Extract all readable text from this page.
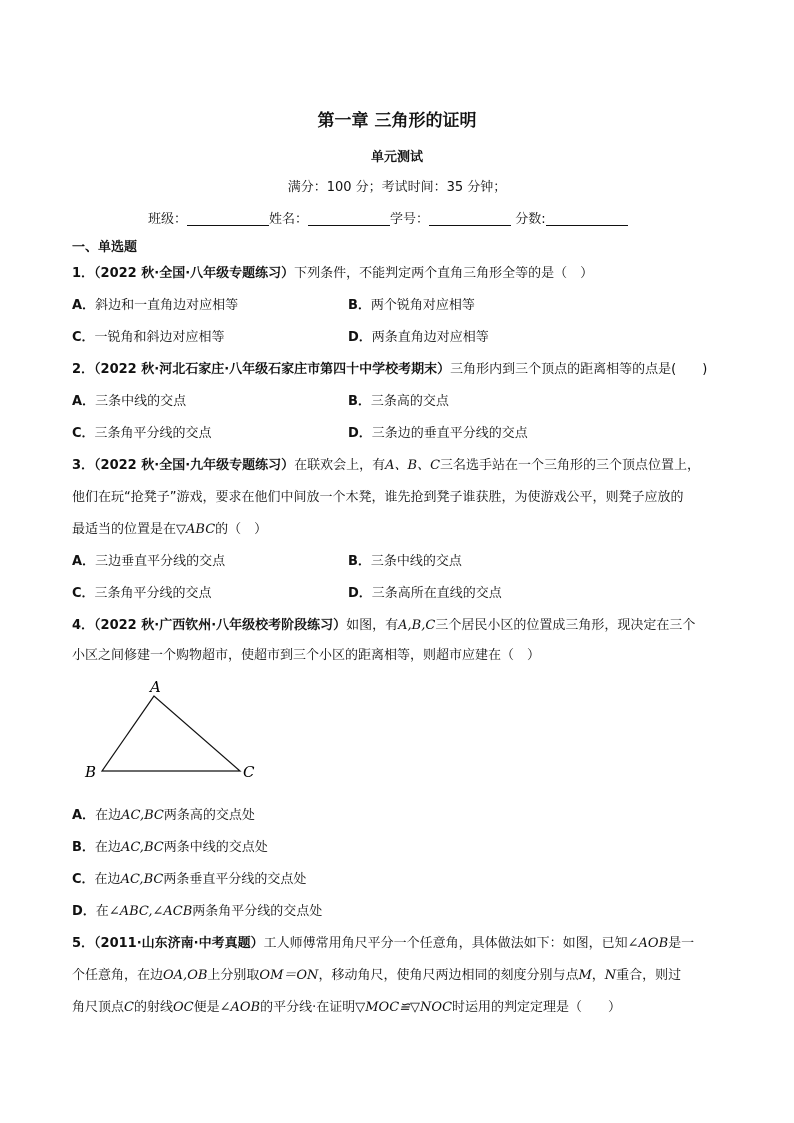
第一章 三角形的证明
单元测试
满分：100 分；考试时间：35 分钟；
班级：	姓名：	学号：	分数:
一、单选题
1．（2022 秋·全国·八年级专题练习）下列条件，不能判定两个直角三角形全等的是（　）
A．斜边和一直角边对应相等	B．两个锐角对应相等
C．一锐角和斜边对应相等	D．两条直角边对应相等
2．（2022 秋·河北石家庄·八年级石家庄市第四十中学校考期末）三角形内到三个顶点的距离相等的点是(　　)
A．三条中线的交点	B．三条高的交点
C．三条角平分线的交点	D．三条边的垂直平分线的交点
3．（2022 秋·全国·九年级专题练习）在联欢会上，有A、B、C三名选手站在一个三角形的三个顶点位置上，
他们在玩“抢凳子”游戏，要求在他们中间放一个木凳，谁先抢到凳子谁获胜，为使游戏公平，则凳子应放的
最适当的位置是在▽ABC的（　）
A．三边垂直平分线的交点	B．三条中线的交点
C．三条角平分线的交点	D．三条高所在直线的交点
4．（2022 秋·广西钦州·八年级校考阶段练习）如图，有A,B,C三个居民小区的位置成三角形，现决定在三个
小区之间修建一个购物超市，使超市到三个小区的距离相等，则超市应建在（　）
A
B	C
A．在边AC,BC两条高的交点处
B．在边AC,BC两条中线的交点处
C．在边AC,BC两条垂直平分线的交点处
D．在∠ABC,∠ACB两条角平分线的交点处
5．（2011·山东济南·中考真题）工人师傅常用角尺平分一个任意角，具体做法如下：如图，已知∠AOB是一
个任意角，在边OA,OB上分别取OM＝ON，移动角尺，使角尺两边相同的刻度分别与点M，N重合，则过
角尺顶点C的射线OC便是∠AOB的平分线·在证明▽MOC≌▽NOC时运用的判定定理是（　　）
